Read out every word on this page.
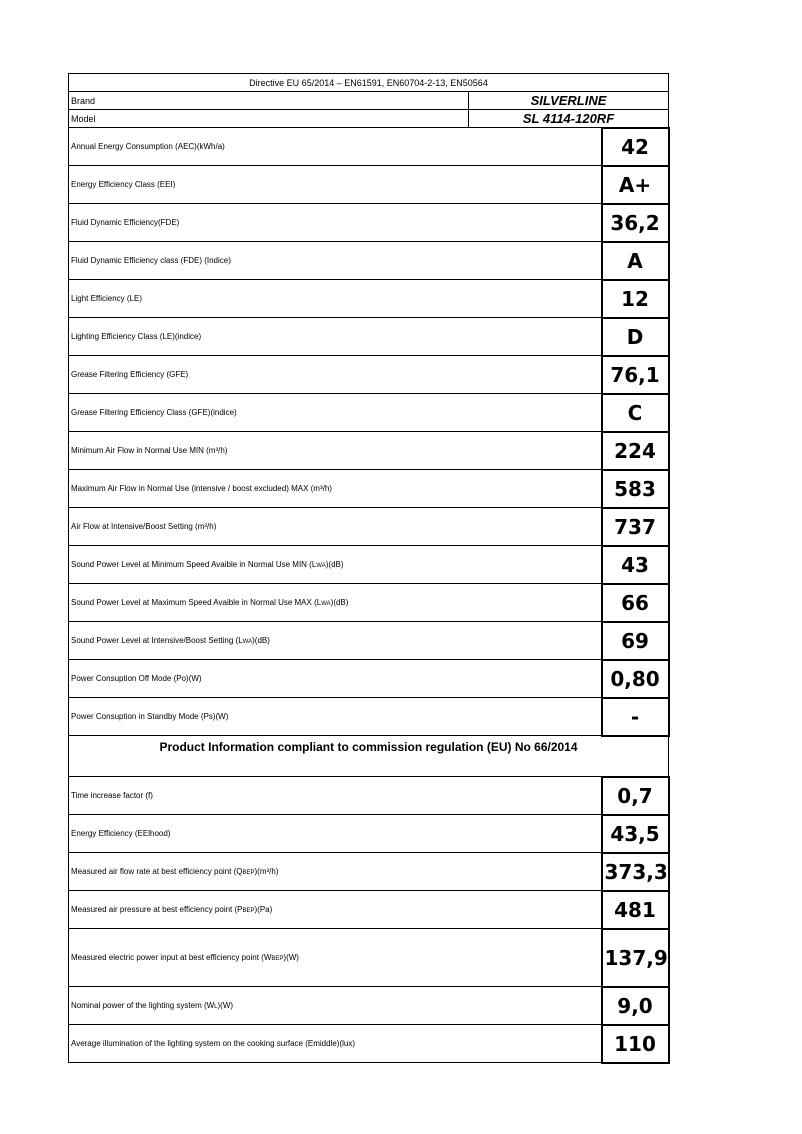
Directive EU 65/2014 – EN61591, EN60704-2-13, EN50564		
Brand	SILVERLINE	
Model	SL 4114-120RF	
Annual Energy Consumption (AEC)(kWh/a)		42
Energy Efficiency Class (EEI)		A+
Fluid Dynamic Efficiency(FDE)		36,2
Fluid Dynamic Efficiency class (FDE) (Indice)		A
Light Efficiency (LE)		12
Lighting Efficiency Class (LE)(indice)		D
Grease Filtering Efficiency (GFE)		76,1
Grease Filtering Efficiency Class (GFE)(indice)		C
Minimum Air Flow in Normal Use MIN (m³/h)		224
Maximum Air Flow in Normal Use (intensive / boost excluded) MAX (m³/h)		583
Air Flow at Intensive/Boost Setting (m³/h)		737
Sound Power Level at Minimum Speed Avaible in Normal Use MIN (LWA)(dB)		43
Sound Power Level at Maximum Speed Avaible in Normal Use MAX (LWA)(dB)		66
Sound Power Level at Intensive/Boost Setting (LWA)(dB)		69
Power Consuption Off Mode (Po)(W)		0,80
Power Consuption in Standby Mode (Ps)(W)		-
Product Information compliant to commission regulation (EU) No 66/2014		
Time increase factor (f)		0,7
Energy Efficiency (EElhood)		43,5
Measured air flow rate at best efficiency point (QBEP)(m³/h)		373,3
Measured air pressure at best efficiency point (PBEP)(Pa)		481
Measured electric power input at best efficiency point (WBEP)(W)		137,9
Nominal power of the lighting system (WL)(W)		9,0
Average illumination of the lighting system on the cooking surface (Emiddle)(lux)		110
